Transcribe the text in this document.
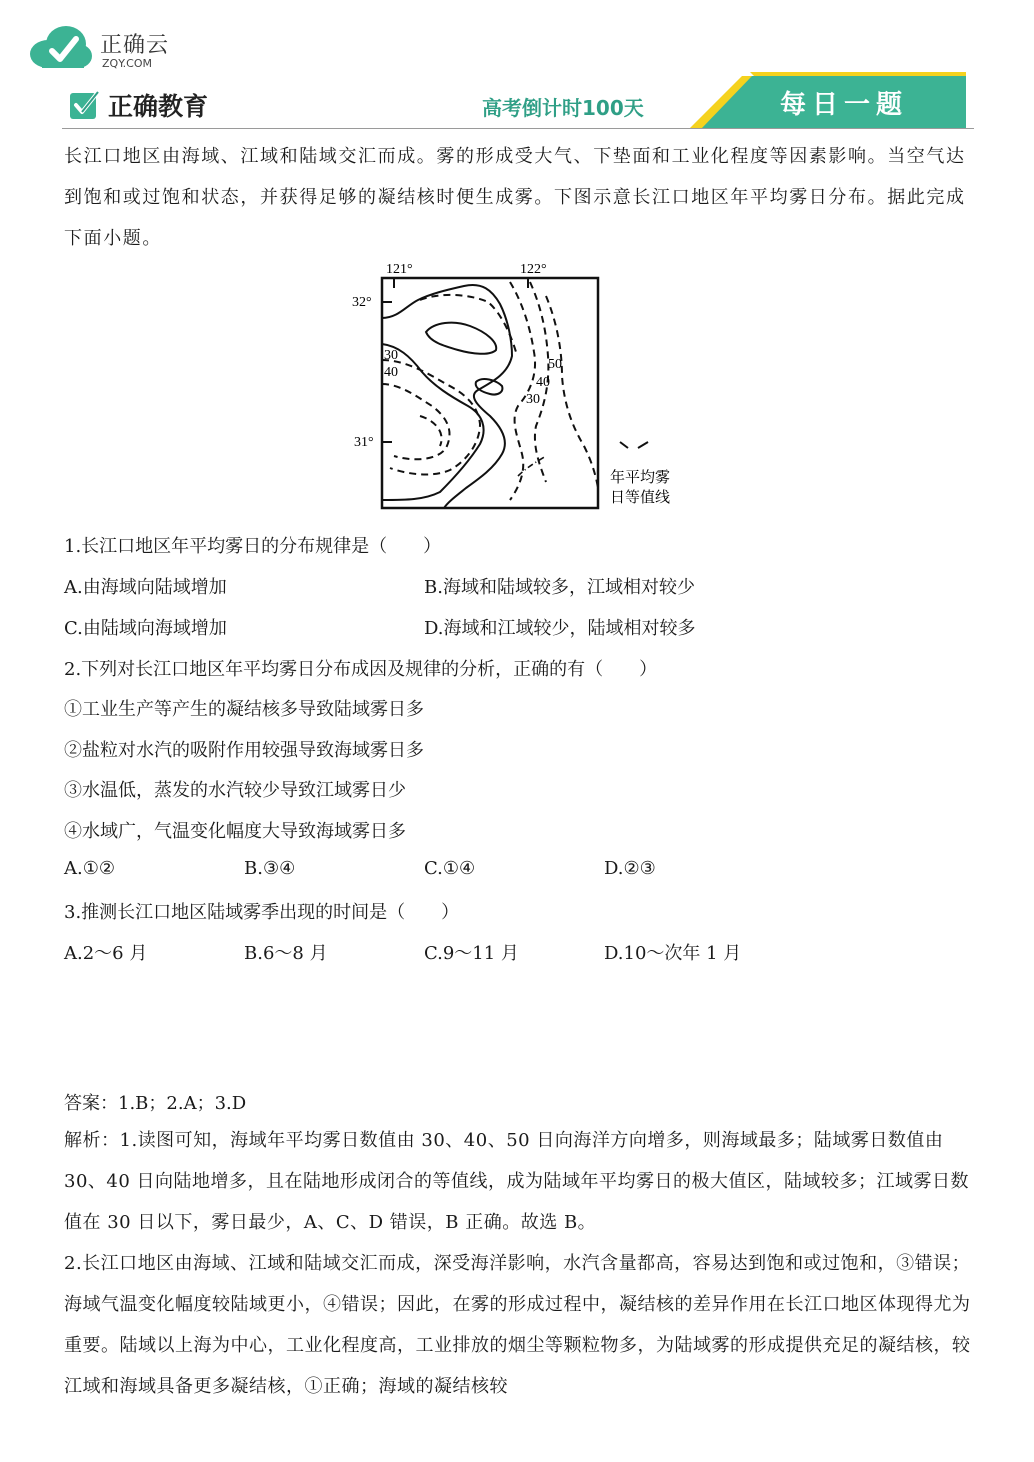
正确云
ZQY.COM
正确教育	高考倒计时100天	每日一题
长江口地区由海域、江域和陆域交汇而成。雾的形成受大气、下垫面和工业化程度等因素影响。当空气达到饱和或过饱和状态，并获得足够的凝结核时便生成雾。下图示意长江口地区年平均雾日分布。据此完成下面小题。
121°	122°
32°
31°
30
40
50
40
30
年平均雾
日等值线
1.长江口地区年平均雾日的分布规律是（　　）
A.由海域向陆域增加	B.海域和陆域较多，江域相对较少
C.由陆域向海域增加	D.海域和江域较少，陆域相对较多
2.下列对长江口地区年平均雾日分布成因及规律的分析，正确的有（　　）
①工业生产等产生的凝结核多导致陆域雾日多
②盐粒对水汽的吸附作用较强导致海域雾日多
③水温低，蒸发的水汽较少导致江域雾日少
④水域广，气温变化幅度大导致海域雾日多
A.①②	B.③④	C.①④	D.②③
3.推测长江口地区陆域雾季出现的时间是（　　）
A.2～6 月	B.6～8 月	C.9～11 月	D.10～次年 1 月
答案：1.B；2.A；3.D
解析：1.读图可知，海域年平均雾日数值由 30、40、50 日向海洋方向增多，则海域最多；陆域雾日数值由 30、40 日向陆地增多，且在陆地形成闭合的等值线，成为陆域年平均雾日的极大值区，陆域较多；江域雾日数值在 30 日以下，雾日最少，A、C、D 错误，B 正确。故选 B。
2.长江口地区由海域、江域和陆域交汇而成，深受海洋影响，水汽含量都高，容易达到饱和或过饱和，③错误；海域气温变化幅度较陆域更小，④错误；因此，在雾的形成过程中，凝结核的差异作用在长江口地区体现得尤为重要。陆域以上海为中心，工业化程度高，工业排放的烟尘等颗粒物多，为陆域雾的形成提供充足的凝结核，较江域和海域具备更多凝结核，①正确；海域的凝结核较
